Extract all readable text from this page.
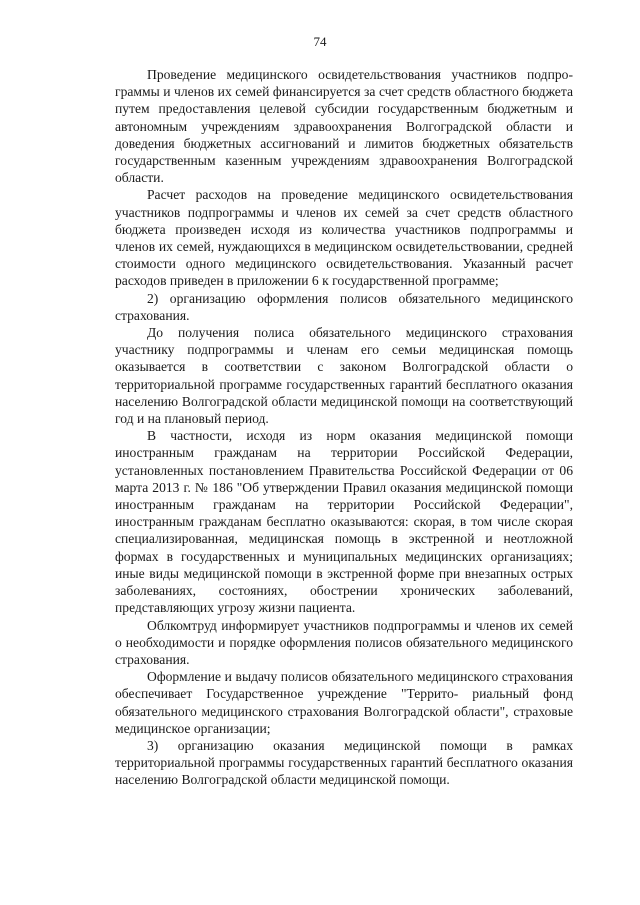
74

Проведение медицинского освидетельствования участников подпро- граммы и членов их семей финансируется за счет средств областного бюджета путем предоставления целевой субсидии государственным бюджетным и автономным учреждениям здравоохранения Волгоградской области и доведения бюджетных ассигнований и лимитов бюджетных обязательств государственным казенным учреждениям здравоохранения Волгоградской области.

Расчет расходов на проведение медицинского освидетельствования участников подпрограммы и членов их семей за счет средств областного бюджета произведен исходя из количества участников подпрограммы и членов их семей, нуждающихся в медицинском освидетельствовании, средней стоимости одного медицинского освидетельствования. Указанный расчет расходов приведен в приложении 6 к государственной программе;

2) организацию оформления полисов обязательного медицинского страхования.

До получения полиса обязательного медицинского страхования участнику подпрограммы и членам его семьи медицинская помощь оказывается в соответствии с законом Волгоградской области о территориальной программе государственных гарантий бесплатного оказания населению Волгоградской области медицинской помощи на соответствующий год и на плановый период.

В частности, исходя из норм оказания медицинской помощи иностранным гражданам на территории Российской Федерации, установленных постановлением Правительства Российской Федерации от 06 марта 2013 г. № 186 "Об утверждении Правил оказания медицинской помощи иностранным гражданам на территории Российской Федерации", иностранным гражданам бесплатно оказываются: скорая, в том числе скорая специализированная, медицинская помощь в экстренной и неотложной формах в государственных и муниципальных медицинских организациях; иные виды медицинской помощи в экстренной форме при внезапных острых заболеваниях, состояниях, обострении хронических заболеваний, представляющих угрозу жизни пациента.

Облкомтруд информирует участников подпрограммы и членов их семей о необходимости и порядке оформления полисов обязательного медицинского страхования.

Оформление и выдачу полисов обязательного медицинского страхования обеспечивает Государственное учреждение "Террито- риальный фонд обязательного медицинского страхования Волгоградской области", страховые медицинское организации;

3) организацию оказания медицинской помощи в рамках территориальной программы государственных гарантий бесплатного оказания населению Волгоградской области медицинской помощи.
